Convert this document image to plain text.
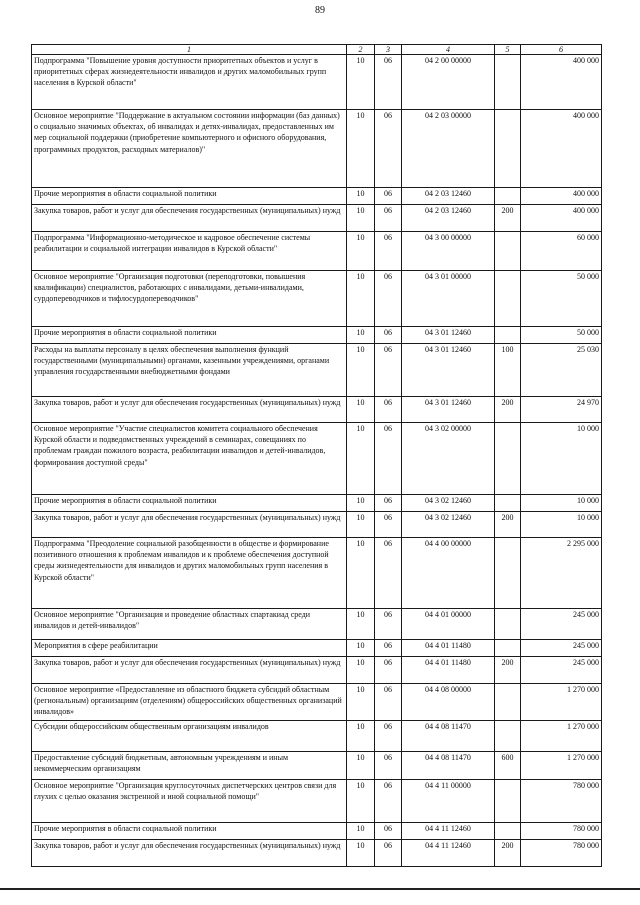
89
1	2	3	4	5	6
Подпрограмма "Повышение уровня доступности приоритетных объектов и услуг в приоритетных сферах жизнедеятельности инвалидов и других маломобильных групп населения в Курской области"	10	06	04 2 00 00000		400 000
Основное мероприятие "Поддержание в актуальном состоянии информации (баз данных) о социально значимых объектах, об инвалидах и детях-инвалидах, предоставленных им мер социальной поддержки (приобретение компьютерного и офисного оборудования, программных продуктов, расходных материалов)"	10	06	04 2 03 00000		400 000
Прочие мероприятия в области социальной политики	10	06	04 2 03 12460		400 000
Закупка товаров, работ и услуг для обеспечения государственных (муниципальных) нужд	10	06	04 2 03 12460	200	400 000
Подпрограмма "Информационно-методическое и кадровое обеспечение системы реабилитации и социальной интеграции инвалидов в Курской области"	10	06	04 3 00 00000		60 000
Основное мероприятие "Организация подготовки (переподготовки, повышения квалификации) специалистов, работающих с инвалидами, детьми-инвалидами, сурдопереводчиков и тифлосурдопереводчиков"	10	06	04 3 01 00000		50 000
Прочие мероприятия в области социальной политики	10	06	04 3 01 12460		50 000
Расходы на выплаты персоналу в целях обеспечения выполнения функций государственными (муниципальными) органами, казенными учреждениями, органами управления государственными внебюджетными фондами	10	06	04 3 01 12460	100	25 030
Закупка товаров, работ и услуг для обеспечения государственных (муниципальных) нужд	10	06	04 3 01 12460	200	24 970
Основное мероприятие "Участие специалистов комитета социального обеспечения Курской области и подведомственных учреждений в семинарах, совещаниях по проблемам граждан пожилого возраста, реабилитации инвалидов и детей-инвалидов, формирования доступной среды"	10	06	04 3 02 00000		10 000
Прочие мероприятия в области социальной политики	10	06	04 3 02 12460		10 000
Закупка товаров, работ и услуг для обеспечения государственных (муниципальных) нужд	10	06	04 3 02 12460	200	10 000
Подпрограмма "Преодоление социальной разобщенности в обществе и формирование позитивного отношения к проблемам инвалидов и к проблеме обеспечения доступной среды жизнедеятельности для инвалидов и других маломобильных групп населения в Курской области"	10	06	04 4 00 00000		2 295 000
Основное мероприятие "Организация и проведение областных спартакиад среди инвалидов и детей-инвалидов"	10	06	04 4 01 00000		245 000
Мероприятия в сфере реабилитации	10	06	04 4 01 11480		245 000
Закупка товаров, работ и услуг для обеспечения государственных (муниципальных) нужд	10	06	04 4 01 11480	200	245 000
Основное мероприятие «Предоставление из областного бюджета субсидий областным (региональным) организациям (отделениям) общероссийских общественных организаций инвалидов»	10	06	04 4 08 00000		1 270 000
Субсидии общероссийским общественным организациям инвалидов	10	06	04 4 08 11470		1 270 000
Предоставление субсидий бюджетным, автономным учреждениям и иным некоммерческим организациям	10	06	04 4 08 11470	600	1 270 000
Основное мероприятие "Организация круглосуточных диспетчерских центров связи для глухих с целью оказания экстренной и иной социальной помощи"	10	06	04 4 11 00000		780 000
Прочие мероприятия в области социальной политики	10	06	04 4 11 12460		780 000
Закупка товаров, работ и услуг для обеспечения государственных (муниципальных) нужд	10	06	04 4 11 12460	200	780 000
